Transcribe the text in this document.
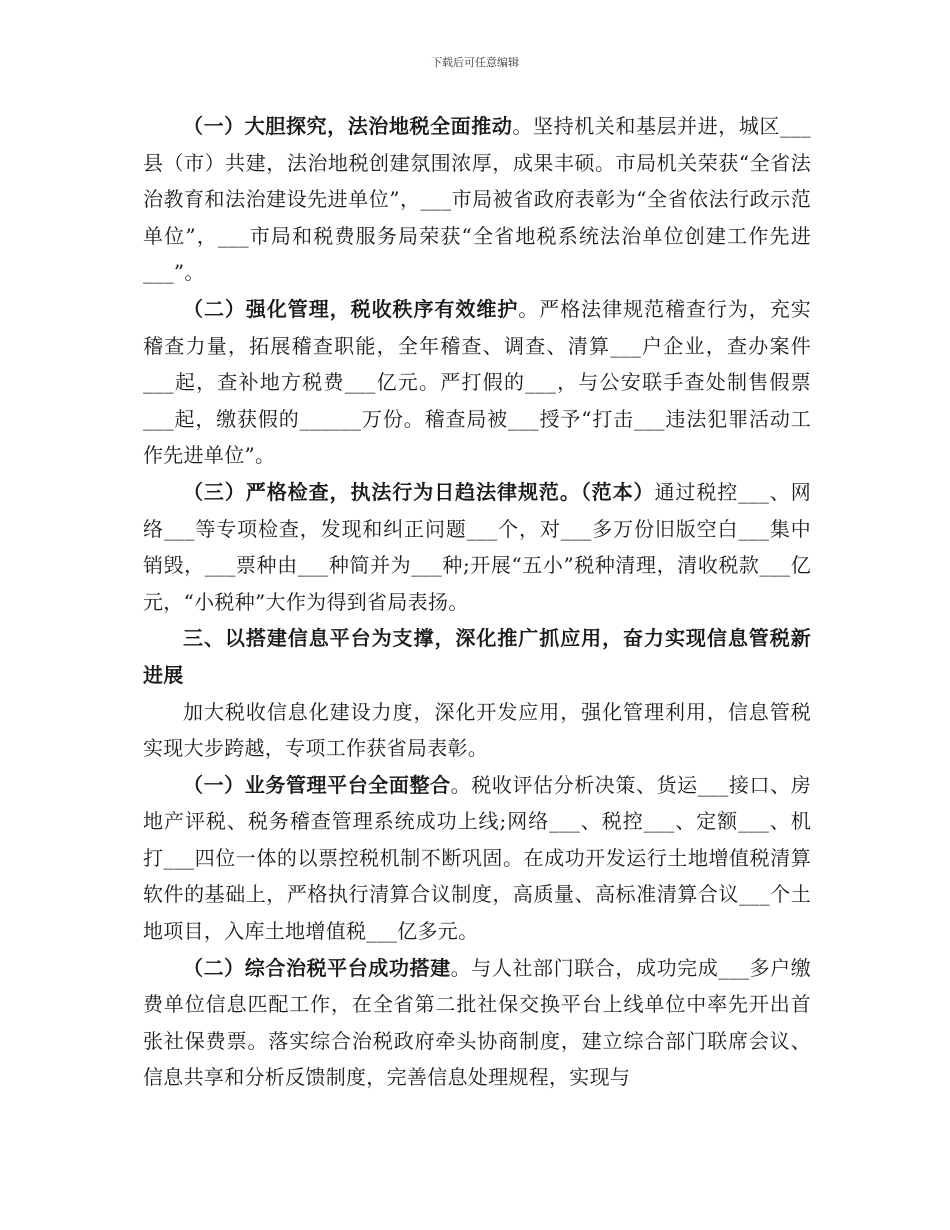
下载后可任意编辑

（一）大胆探究，法治地税全面推动。坚持机关和基层并进，城区___县（市）共建，法治地税创建氛围浓厚，成果丰硕。市局机关荣获“全省法治教育和法治建设先进单位”，___市局被省政府表彰为“全省依法行政示范单位”，___市局和税费服务局荣获“全省地税系统法治单位创建工作先进___”。

（二）强化管理，税收秩序有效维护。严格法律规范稽查行为，充实稽查力量，拓展稽查职能，全年稽查、调查、清算___户企业，查办案件___起，查补地方税费___亿元。严打假的___，与公安联手查处制售假票___起，缴获假的______万份。稽查局被___授予“打击___违法犯罪活动工作先进单位”。

（三）严格检查，执法行为日趋法律规范。（范本）通过税控___、网络___等专项检查，发现和纠正问题___个，对___多万份旧版空白___集中销毁，___票种由___种简并为___种;开展“五小”税种清理，清收税款___亿元，“小税种”大作为得到省局表扬。

三、以搭建信息平台为支撑，深化推广抓应用，奋力实现信息管税新进展

加大税收信息化建设力度，深化开发应用，强化管理利用，信息管税实现大步跨越，专项工作获省局表彰。

（一）业务管理平台全面整合。税收评估分析决策、货运___接口、房地产评税、税务稽查管理系统成功上线;网络___、税控___、定额___、机打___四位一体的以票控税机制不断巩固。在成功开发运行土地增值税清算软件的基础上，严格执行清算合议制度，高质量、高标准清算合议___个土地项目，入库土地增值税___亿多元。

（二）综合治税平台成功搭建。与人社部门联合，成功完成___多户缴费单位信息匹配工作，在全省第二批社保交换平台上线单位中率先开出首张社保费票。落实综合治税政府牵头协商制度，建立综合部门联席会议、信息共享和分析反馈制度，完善信息处理规程，实现与
